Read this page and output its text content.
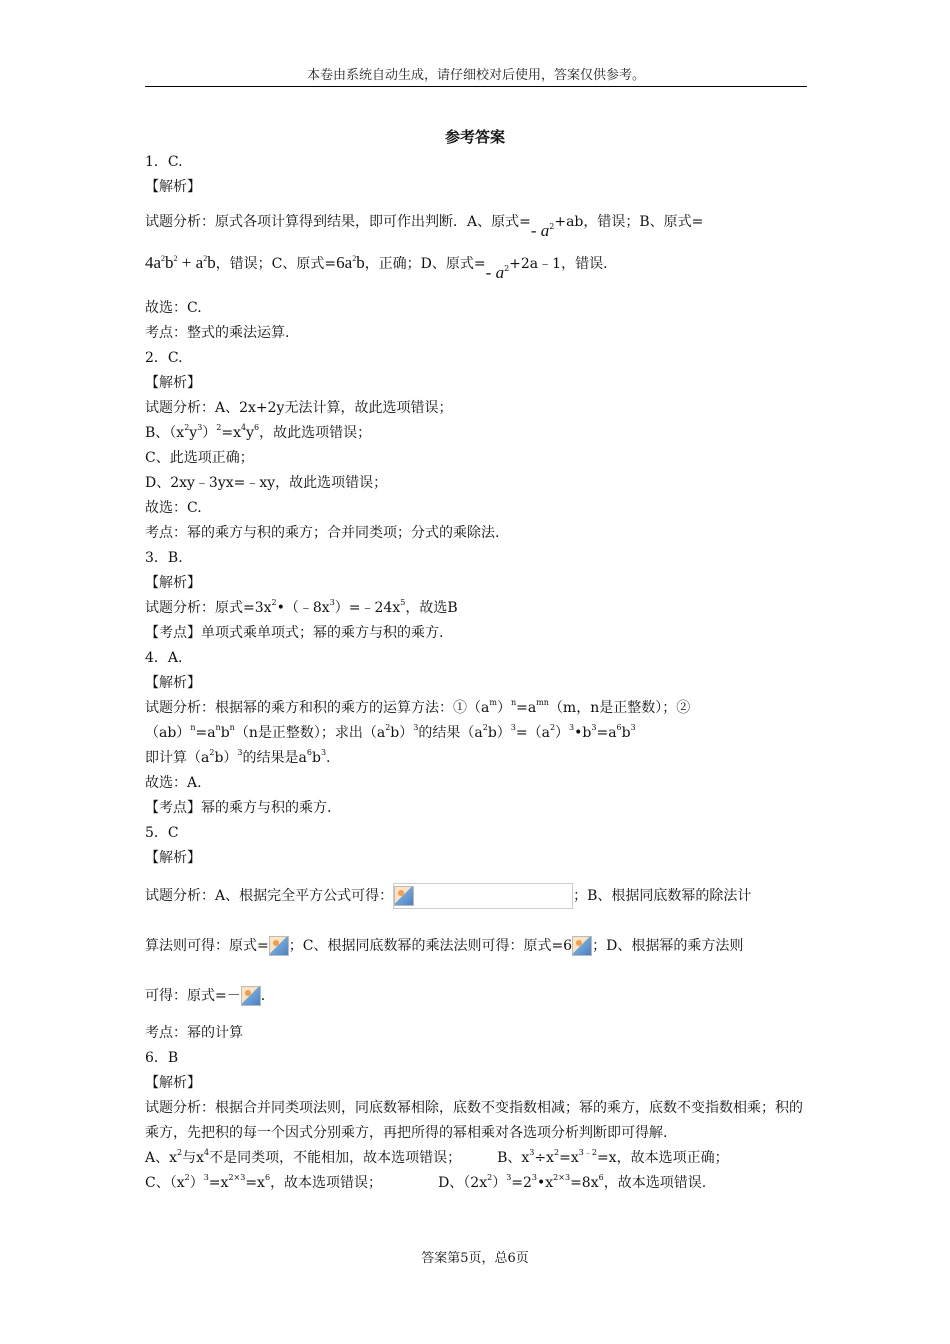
本卷由系统自动生成，请仔细校对后使用，答案仅供参考。
参考答案
1．C.
【解析】
试题分析：原式各项计算得到结果，即可作出判断．A、原式=- $a^2+ab$，错误；B、原式=
$4a^2b^2 + a^2b$，错误；C、原式$=6a^2b$，正确；D、原式=- $a^2+2a﹣1$，错误.
故选：C.
考点：整式的乘法运算.
2．C.
【解析】
试题分析：A、2x+2y无法计算，故此选项错误；
B、$(x^2y^3)^2=x^4y^6$，故此选项错误；
C、此选项正确；
D、2xy﹣3yx=﹣xy，故此选项错误；
故选：C.
考点：幂的乘方与积的乘方；合并同类项；分式的乘除法.
3．B.
【解析】
试题分析：原式$=3x^2•(﹣8x^3)=﹣24x^5$，故选B
【考点】单项式乘单项式；幂的乘方与积的乘方.
4．A.
【解析】
试题分析：根据幂的乘方和积的乘方的运算方法：$①(a^m)^n=a^{mn}(m$，n是正整数）；②
$(ab)^n=a^nb^n(n$是正整数）；求出$(a^2b)^3$的结果$(a^2b)^3=(a^2)^3•b^3=a^6b^3$
即计算$(a^2b)^3$的结果是$a^6b^3$.
故选：A.
【考点】幂的乘方与积的乘方.
5．C
【解析】
试题分析：A、根据完全平方公式可得：	；B、根据同底数幂的除法计
算法则可得：原式= ；C、根据同底数幂的乘法法则可得：原式=6 ；D、根据幂的乘方法则
可得：原式=－ .
考点：幂的计算
6．B
【解析】
试题分析：根据合并同类项法则，同底数幂相除，底数不变指数相减；幂的乘方，底数不变指数相乘；积的乘方，先把积的每一个因式分别乘方，再把所得的幂相乘对各选项分析判断即可得解.
A、$x^2$与$x^4$不是同类项，不能相加，故本选项错误；	B、$x^3\div x^2=x^{3﹣2}=x$，故本选项正确；
C、$(x^2)^3=x^{2\times 3}=x^6$，故本选项错误；	D、$(2x^2)^3=2^3•x^{2\times 3}=8x^6$，故本选项错误.
答案第5页，总6页
